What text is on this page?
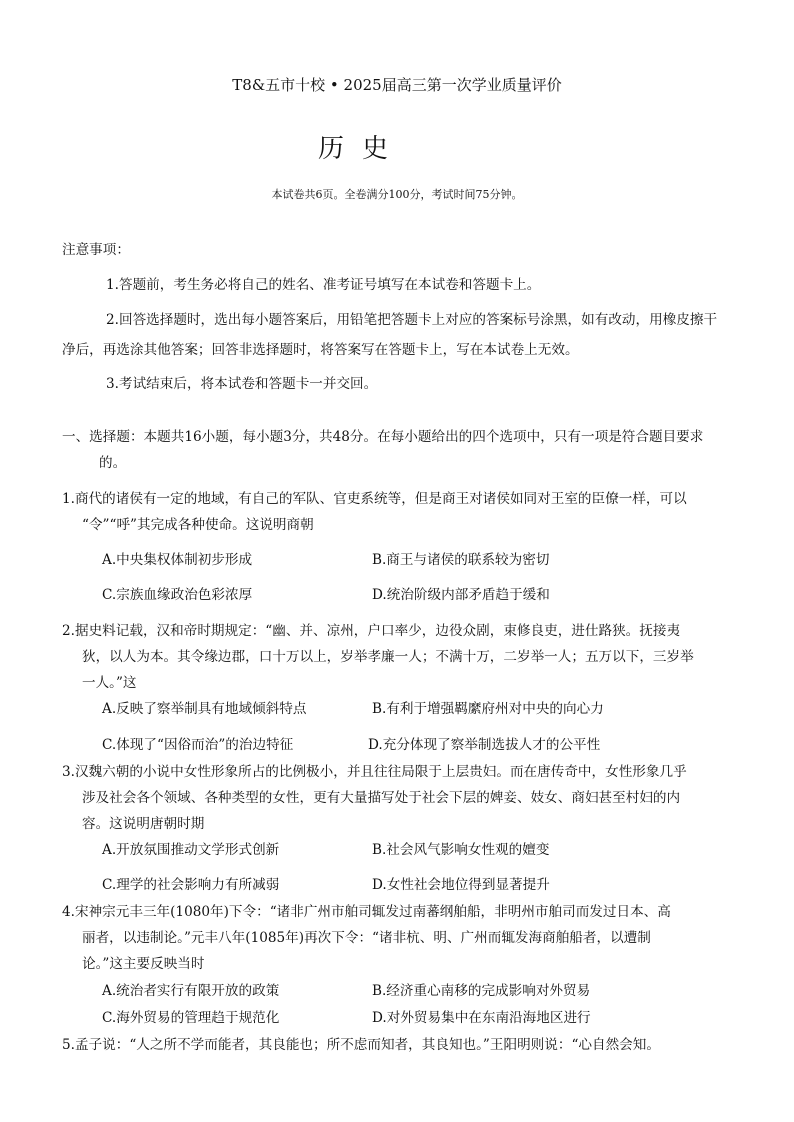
T8&五市十校 • 2025届高三第一次学业质量评价
历史
本试卷共6页。全卷满分100分，考试时间75分钟。
注意事项：
1.答题前，考生务必将自己的姓名、准考证号填写在本试卷和答题卡上。
2.回答选择题时，选出每小题答案后，用铅笔把答题卡上对应的答案标号涂黑，如有改动，用橡皮擦干净后，再选涂其他答案；回答非选择题时，将答案写在答题卡上，写在本试卷上无效。
3.考试结束后，将本试卷和答题卡一并交回。
一、选择题：本题共16小题，每小题3分，共48分。在每小题给出的四个选项中，只有一项是符合题目要求
的。
1.商代的诸侯有一定的地域，有自己的军队、官吏系统等，但是商王对诸侯如同对王室的臣僚一样，可以
“令”“呼”其完成各种使命。这说明商朝
A.中央集权体制初步形成	B.商王与诸侯的联系较为密切
C.宗族血缘政治色彩浓厚	D.统治阶级内部矛盾趋于缓和
2.据史料记载，汉和帝时期规定：“幽、并、凉州，户口率少，边役众剧，束修良吏，进仕路狭。抚接夷
狄，以人为本。其令缘边郡，口十万以上，岁举孝廉一人；不满十万，二岁举一人；五万以下，三岁举
一人。”这
A.反映了察举制具有地域倾斜特点	B.有利于增强羁縻府州对中央的向心力
C.体现了“因俗而治”的治边特征	D.充分体现了察举制选拔人才的公平性
3.汉魏六朝的小说中女性形象所占的比例极小，并且往往局限于上层贵妇。而在唐传奇中，女性形象几乎
涉及社会各个领域、各种类型的女性，更有大量描写处于社会下层的婢妾、妓女、商妇甚至村妇的内
容。这说明唐朝时期
A.开放氛围推动文学形式创新	B.社会风气影响女性观的嬗变
C.理学的社会影响力有所减弱	D.女性社会地位得到显著提升
4.宋神宗元丰三年(1080年)下令：“诸非广州市舶司辄发过南蕃纲舶船，非明州市舶司而发过日本、高
丽者，以违制论。”元丰八年(1085年)再次下令：“诸非杭、明、广州而辄发海商舶船者，以遭制
论。”这主要反映当时
A.统治者实行有限开放的政策	B.经济重心南移的完成影响对外贸易
C.海外贸易的管理趋于规范化	D.对外贸易集中在东南沿海地区进行
5.孟子说：“人之所不学而能者，其良能也；所不虑而知者，其良知也。”王阳明则说：“心自然会知。
